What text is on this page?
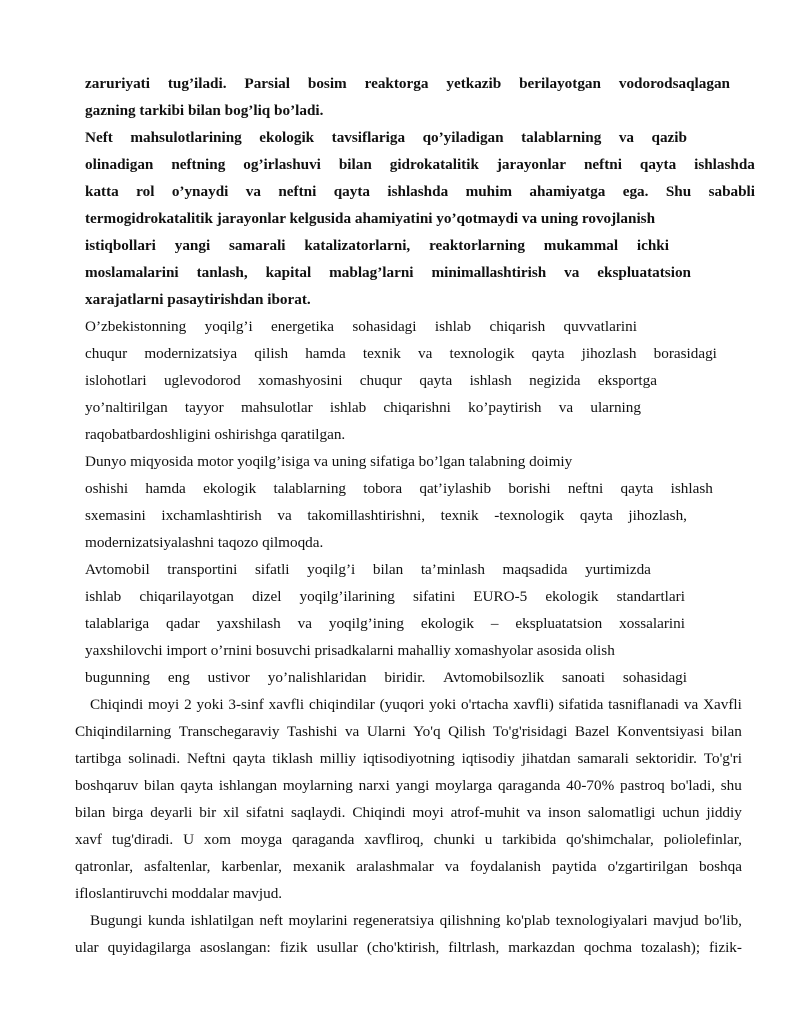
zaruriyati tug’iladi. Parsial bosim reaktorga yetkazib berilayotgan vodorodsaqlagan
gazning tarkibi bilan bog’liq bo’ladi.
Neft mahsulotlarining ekologik tavsiflariga qo’yiladigan talablarning va qazib
olinadigan neftning og’irlashuvi bilan gidrokatalitik jarayonlar neftni qayta ishlashda
katta rol o’ynaydi va neftni qayta ishlashda muhim ahamiyatga ega. Shu sababli
termogidrokatalitik jarayonlar kelgusida ahamiyatini yo’qotmaydi va uning rovojlanish
istiqbollari yangi samarali katalizatorlarni, reaktorlarning mukammal ichki
moslamalarini tanlash, kapital mablag’larni minimallashtirish va ekspluatatsion
xarajatlarni pasaytirishdan iborat.
O’zbekistonning yoqilg’i energetika sohasidagi ishlab chiqarish quvvatlarini
chuqur modernizatsiya qilish hamda texnik va texnologik qayta jihozlash borasidagi
islohotlari uglevodorod xomashyosini chuqur qayta ishlash negizida eksportga
yo’naltirilgan tayyor mahsulotlar ishlab chiqarishni ko’paytirish va ularning
raqobatbardoshligini oshirishga qaratilgan.
Dunyo miqyosida motor yoqilg’isiga va uning sifatiga bo’lgan talabning doimiy
oshishi hamda ekologik talablarning tobora qat’iylashib borishi neftni qayta ishlash
sxemasini ixchamlashtirish va takomillashtirishni, texnik -texnologik qayta jihozlash,
modernizatsiyalashni taqozo qilmoqda.
Avtomobil transportini sifatli yoqilg’i bilan ta’minlash maqsadida yurtimizda
ishlab chiqarilayotgan dizel yoqilg’ilarining sifatini EURO-5 ekologik standartlari
talablariga qadar yaxshilash va yoqilg’ining ekologik – ekspluatatsion xossalarini
yaxshilovchi import o’rnini bosuvchi prisadkalarni mahalliy xomashyolar asosida olish
bugunning eng ustivor yo’nalishlaridan biridir. Avtomobilsozlik sanoati sohasidagi
Chiqindi moyi 2 yoki 3-sinf xavfli chiqindilar (yuqori yoki o'rtacha xavfli) sifatida tasniflanadi va Xavfli
Chiqindilarning Transchegaraviy Tashishi va Ularni Yo'q Qilish To'g'risidagi Bazel Konventsiyasi bilan
tartibga solinadi. Neftni qayta tiklash milliy iqtisodiyotning iqtisodiy jihatdan samarali sektoridir. To'g'ri
boshqaruv bilan qayta ishlangan moylarning narxi yangi moylarga qaraganda 40-70% pastroq bo'ladi, shu
bilan birga deyarli bir xil sifatni saqlaydi. Chiqindi moyi atrof-muhit va inson salomatligi uchun jiddiy
xavf tug'diradi. U xom moyga qaraganda xavfliroq, chunki u tarkibida qo'shimchalar, poliolefinlar,
qatronlar, asfaltenlar, karbenlar, mexanik aralashmalar va foydalanish paytida o'zgartirilgan boshqa
ifloslantiruvchi moddalar mavjud.
Bugungi kunda ishlatilgan neft moylarini regeneratsiya qilishning ko'plab texnologiyalari mavjud bo'lib,
ular quyidagilarga asoslangan: fizik usullar (cho'ktirish, filtrlash, markazdan qochma tozalash); fizik-
